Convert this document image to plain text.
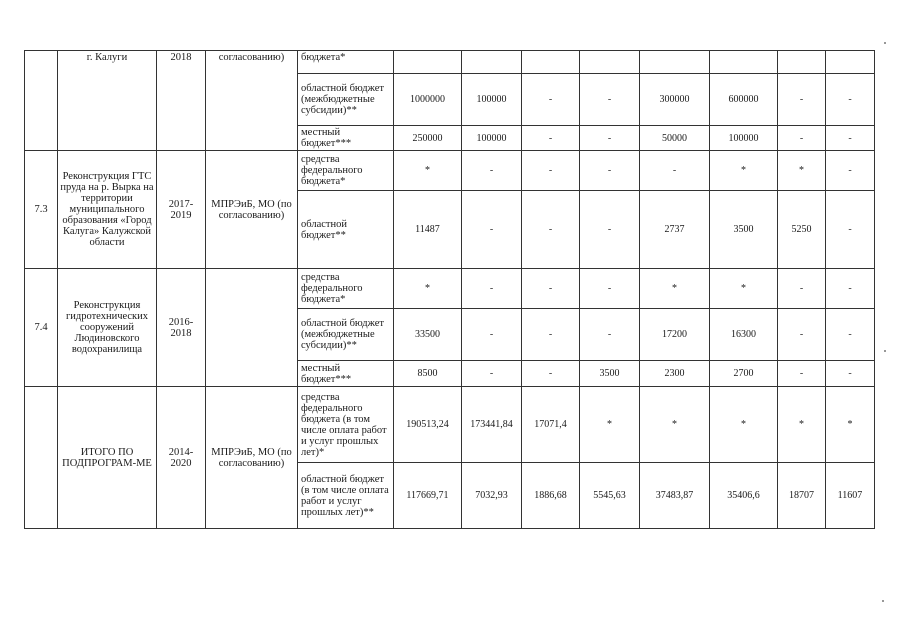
	г. Калуги	2018	согласованию)	бюджета*								
				областной бюджет (межбюджетные субсидии)**	1000000	100000	-	-	300000	600000	-	-
				местный бюджет***	250000	100000	-	-	50000	100000	-	-
7.3	Реконструкция ГТС пруда на р. Вырка на территории муниципального образования «Город Калуга» Калужской области	2017-2019	МПРЭиБ, МО (по согласованию)	средства федерального бюджета*	*	-	-	-	-	*	*	-
				областной бюджет**	11487	-	-	-	2737	3500	5250	-
7.4	Реконструкция гидротехнических сооружений Людиновского водохранилища	2016-2018		средства федерального бюджета*	*	-	-	-	*	*	-	-
				областной бюджет (межбюджетные субсидии)**	33500	-	-	-	17200	16300	-	-
				местный бюджет***	8500	-	-	3500	2300	2700	-	-
	ИТОГО ПО ПОДПРОГРАМ-МЕ	2014-2020	МПРЭиБ, МО (по согласованию)	средства федерального бюджета (в том числе оплата работ и услуг прошлых лет)*	190513,24	173441,84	17071,4	*	*	*	*	*
				областной бюджет (в том числе оплата работ и услуг прошлых лет)**	117669,71	7032,93	1886,68	5545,63	37483,87	35406,6	18707	11607
